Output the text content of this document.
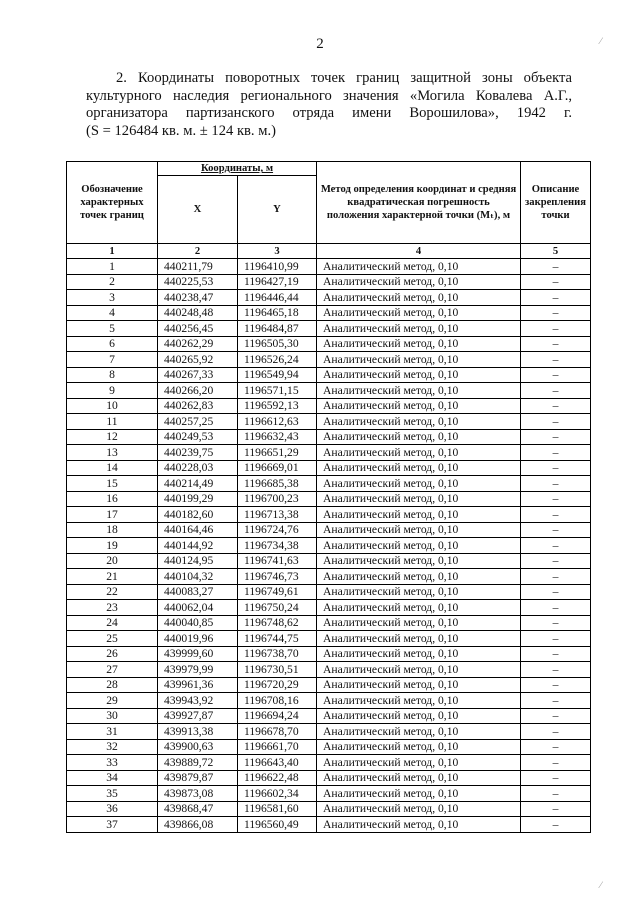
2

2. Координаты поворотных точек границ защитной зоны объекта

культурного наследия регионального значения «Могила Ковалева А.Г.,

организатора партизанского отряда имени Ворошилова», 1942 г.

(S = 126484 кв. м. ± 124 кв. м.)

Обозначение характерных точек границ	Координаты, м		Метод определения координат и средняя квадратическая погрешность положения характерной точки (Mₜ), м	Описание закрепления точки
	X	Y		
1	2	3	4	5
1	440211,79	1196410,99	Аналитический метод, 0,10	–
2	440225,53	1196427,19	Аналитический метод, 0,10	–
3	440238,47	1196446,44	Аналитический метод, 0,10	–
4	440248,48	1196465,18	Аналитический метод, 0,10	–
5	440256,45	1196484,87	Аналитический метод, 0,10	–
6	440262,29	1196505,30	Аналитический метод, 0,10	–
7	440265,92	1196526,24	Аналитический метод, 0,10	–
8	440267,33	1196549,94	Аналитический метод, 0,10	–
9	440266,20	1196571,15	Аналитический метод, 0,10	–
10	440262,83	1196592,13	Аналитический метод, 0,10	–
11	440257,25	1196612,63	Аналитический метод, 0,10	–
12	440249,53	1196632,43	Аналитический метод, 0,10	–
13	440239,75	1196651,29	Аналитический метод, 0,10	–
14	440228,03	1196669,01	Аналитический метод, 0,10	–
15	440214,49	1196685,38	Аналитический метод, 0,10	–
16	440199,29	1196700,23	Аналитический метод, 0,10	–
17	440182,60	1196713,38	Аналитический метод, 0,10	–
18	440164,46	1196724,76	Аналитический метод, 0,10	–
19	440144,92	1196734,38	Аналитический метод, 0,10	–
20	440124,95	1196741,63	Аналитический метод, 0,10	–
21	440104,32	1196746,73	Аналитический метод, 0,10	–
22	440083,27	1196749,61	Аналитический метод, 0,10	–
23	440062,04	1196750,24	Аналитический метод, 0,10	–
24	440040,85	1196748,62	Аналитический метод, 0,10	–
25	440019,96	1196744,75	Аналитический метод, 0,10	–
26	439999,60	1196738,70	Аналитический метод, 0,10	–
27	439979,99	1196730,51	Аналитический метод, 0,10	–
28	439961,36	1196720,29	Аналитический метод, 0,10	–
29	439943,92	1196708,16	Аналитический метод, 0,10	–
30	439927,87	1196694,24	Аналитический метод, 0,10	–
31	439913,38	1196678,70	Аналитический метод, 0,10	–
32	439900,63	1196661,70	Аналитический метод, 0,10	–
33	439889,72	1196643,40	Аналитический метод, 0,10	–
34	439879,87	1196622,48	Аналитический метод, 0,10	–
35	439873,08	1196602,34	Аналитический метод, 0,10	–
36	439868,47	1196581,60	Аналитический метод, 0,10	–
37	439866,08	1196560,49	Аналитический метод, 0,10	–
⁄
⁄
